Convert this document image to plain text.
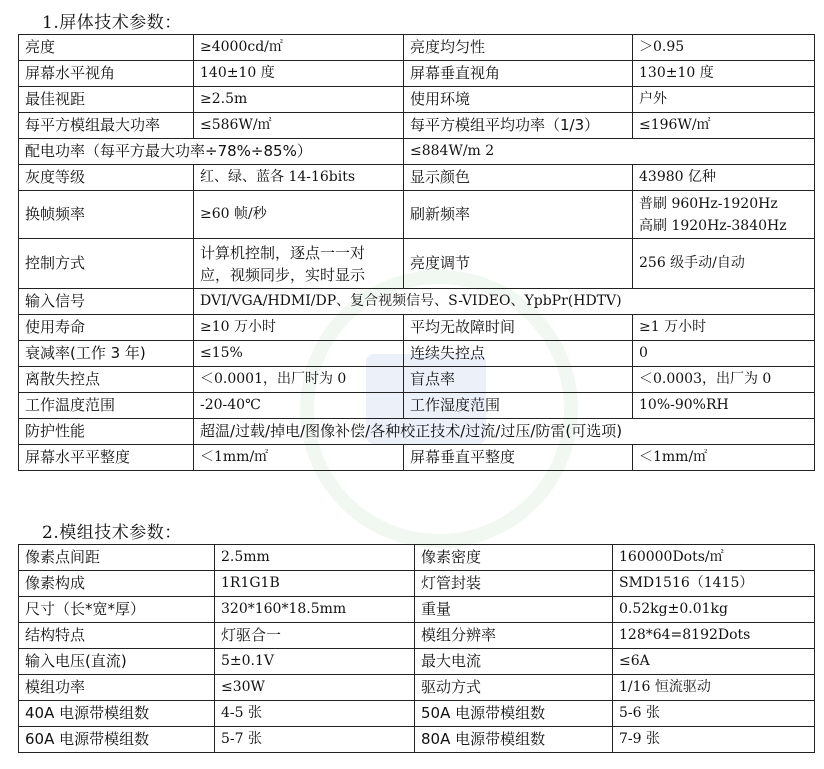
1.屏体技术参数：
亮度	≥4000cd/㎡	亮度均匀性	＞0.95
屏幕水平视角	140±10 度	屏幕垂直视角	130±10 度
最佳视距	≥2.5m	使用环境	户外
每平方模组最大功率	≤586W/㎡	每平方模组平均功率（1/3）	≤196W/㎡
配电功率（每平方最大功率÷78%÷85%）		≤884W/m 2	
灰度等级	红、绿、蓝各 14-16bits	显示颜色	43980 亿种
换帧频率	≥60 帧/秒	刷新频率	普刷 960Hz-1920Hz
高刷 1920Hz-3840Hz

控制方式	计算机控制，逐点一一对
应，视频同步，实时显示	亮度调节	256 级手动/自动
输入信号	DVI/VGA/HDMI/DP、复合视频信号、S-VIDEO、YpbPr(HDTV)		
使用寿命	≥10 万小时	平均无故障时间	≥1 万小时
衰减率(工作 3 年)	≤15%	连续失控点	0
离散失控点	＜0.0001，出厂时为 0	盲点率	＜0.0003，出厂为 0
工作温度范围	-20-40℃	工作湿度范围	10%-90%RH
防护性能	超温/过载/掉电/图像补偿/各种校正技术/过流/过压/防雷(可选项)		
屏幕水平平整度	＜1mm/㎡	屏幕垂直平整度	＜1mm/㎡
2.模组技术参数：
像素点间距	2.5mm	像素密度	160000Dots/㎡
像素构成	1R1G1B	灯管封装	SMD1516（1415）
尺寸（长*宽*厚）	320*160*18.5mm	重量	0.52kg±0.01kg
结构特点	灯驱合一	模组分辨率	128*64=8192Dots
输入电压(直流)	5±0.1V	最大电流	≤6A
模组功率	≤30W	驱动方式	1/16 恒流驱动
40A 电源带模组数	4-5 张	50A 电源带模组数	5-6 张
60A 电源带模组数	5-7 张	80A 电源带模组数	7-9 张
